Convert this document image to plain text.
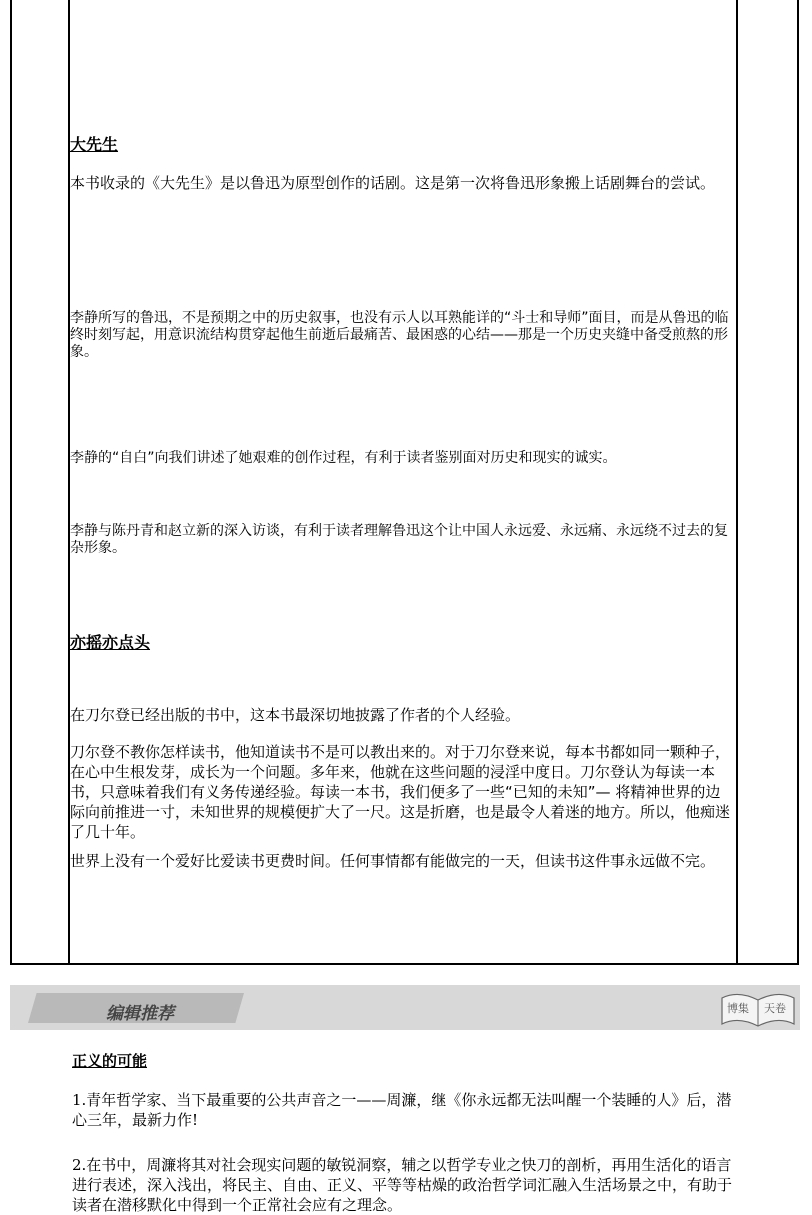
大先生
本书收录的《大先生》是以鲁迅为原型创作的话剧。这是第一次将鲁迅形象搬上话剧舞台的尝试。
李静所写的鲁迅，不是预期之中的历史叙事，也没有示人以耳熟能详的“斗士和导师”面目，而是从鲁迅的临终时刻写起，用意识流结构贯穿起他生前逝后最痛苦、最困惑的心结——那是一个历史夹缝中备受煎熬的形象。
李静的“自白”向我们讲述了她艰难的创作过程，有利于读者鉴别面对历史和现实的诚实。
李静与陈丹青和赵立新的深入访谈，有利于读者理解鲁迅这个让中国人永远爱、永远痛、永远绕不过去的复杂形象。
亦摇亦点头
在刀尔登已经出版的书中，这本书最深切地披露了作者的个人经验。
刀尔登不教你怎样读书，他知道读书不是可以教出来的。对于刀尔登来说，每本书都如同一颗种子，在心中生根发芽，成长为一个问题。多年来，他就在这些问题的浸淫中度日。刀尔登认为每读一本书，只意味着我们有义务传递经验。每读一本书，我们便多了一些“已知的未知”— 将精神世界的边际向前推进一寸，未知世界的规模便扩大了一尺。这是折磨，也是最令人着迷的地方。所以，他痴迷了几十年。
世界上没有一个爱好比爱读书更费时间。任何事情都有能做完的一天，但读书这件事永远做不完。
编辑推荐	博集 天卷
正义的可能
1.青年哲学家、当下最重要的公共声音之一——周濂，继《你永远都无法叫醒一个装睡的人》后，潜心三年，最新力作!
2.在书中，周濂将其对社会现实问题的敏锐洞察，辅之以哲学专业之快刀的剖析，再用生活化的语言进行表述，深入浅出，将民主、自由、正义、平等等枯燥的政治哲学词汇融入生活场景之中，有助于读者在潜移默化中得到一个正常社会应有之理念。
